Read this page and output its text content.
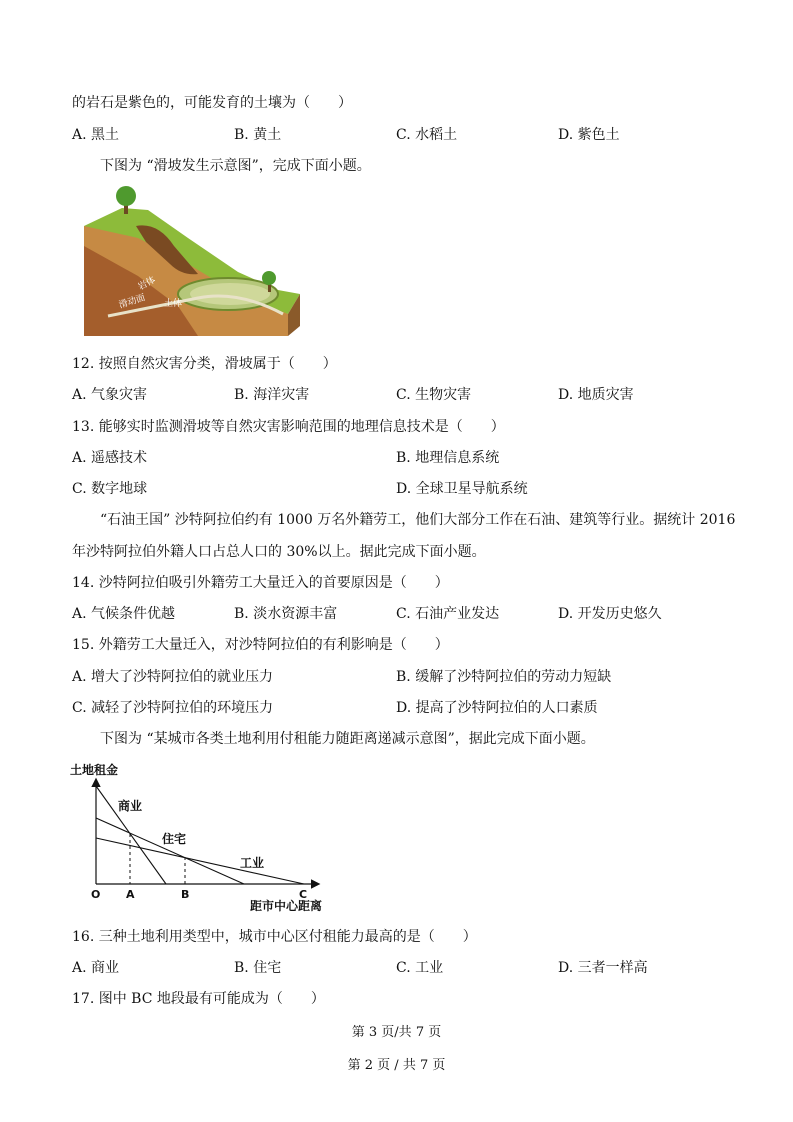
的岩石是紫色的，可能发育的土壤为（　　）
A. 黑土	B. 黄土	C. 水稻土	D. 紫色土
下图为 “滑坡发生示意图”，完成下面小题。
岩体
土体
滑动面
12. 按照自然灾害分类，滑坡属于（　　）
A. 气象灾害	B. 海洋灾害	C. 生物灾害	D. 地质灾害
13. 能够实时监测滑坡等自然灾害影响范围的地理信息技术是（　　）
A. 遥感技术	B. 地理信息系统
C. 数字地球	D. 全球卫星导航系统
“石油王国” 沙特阿拉伯约有 1000 万名外籍劳工，他们大部分工作在石油、建筑等行业。据统计 2016
年沙特阿拉伯外籍人口占总人口的 30%以上。据此完成下面小题。
14. 沙特阿拉伯吸引外籍劳工大量迁入的首要原因是（　　）
A. 气候条件优越	B. 淡水资源丰富	C. 石油产业发达	D. 开发历史悠久
15. 外籍劳工大量迁入，对沙特阿拉伯的有利影响是（　　）
A. 增大了沙特阿拉伯的就业压力	B. 缓解了沙特阿拉伯的劳动力短缺
C. 减轻了沙特阿拉伯的环境压力	D. 提高了沙特阿拉伯的人口素质
下图为 “某城市各类土地利用付租能力随距离递减示意图”，据此完成下面小题。
土地租金
商业
住宅
工业
O A	B	C
距市中心距离
16. 三种土地利用类型中，城市中心区付租能力最高的是（　　）
A. 商业	B. 住宅	C. 工业	D. 三者一样高
17. 图中 BC 地段最有可能成为（　　）
第 3 页/共 7 页
第 2 页 / 共 7 页
